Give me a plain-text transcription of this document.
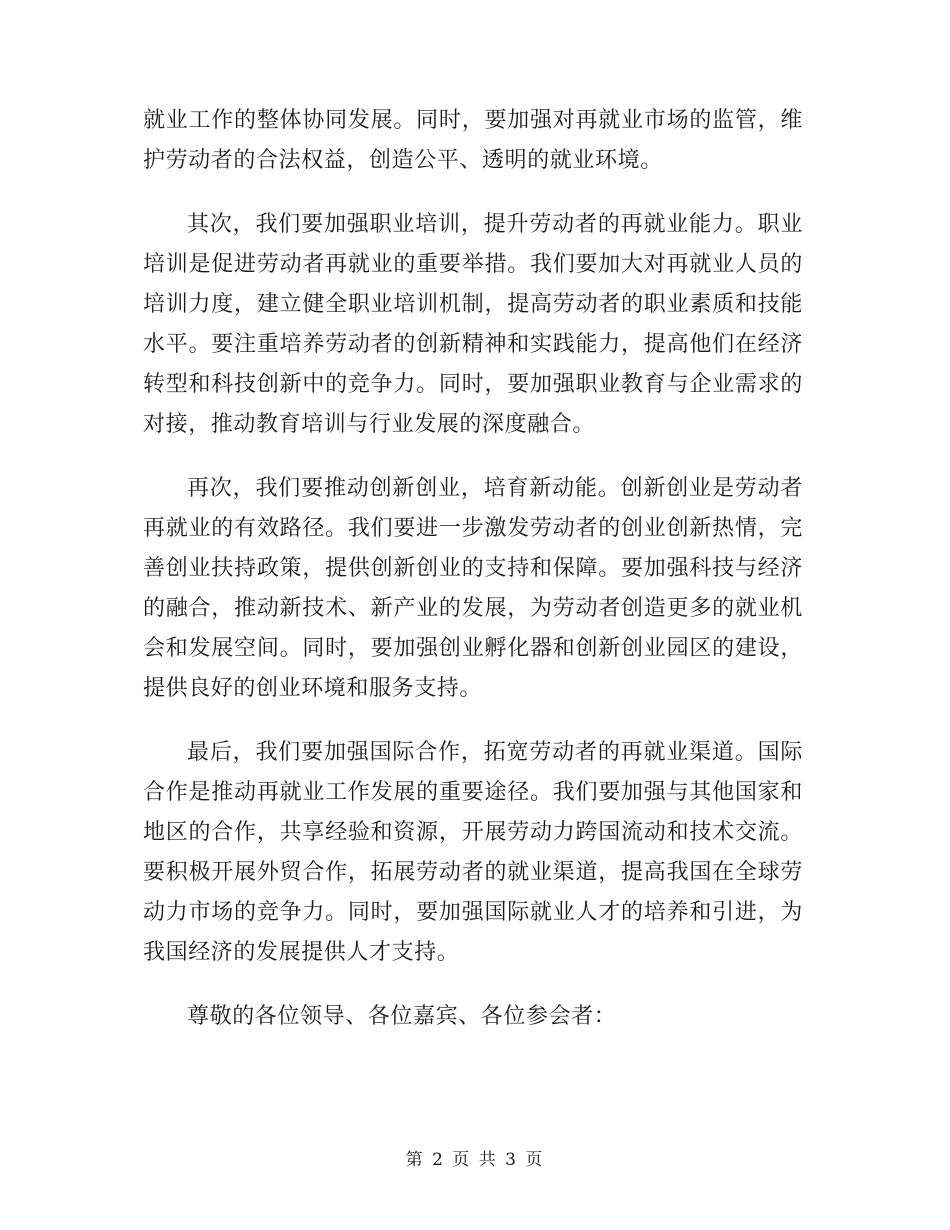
就业工作的整体协同发展。同时，要加强对再就业市场的监管，维护劳动者的合法权益，创造公平、透明的就业环境。

其次，我们要加强职业培训，提升劳动者的再就业能力。职业培训是促进劳动者再就业的重要举措。我们要加大对再就业人员的培训力度，建立健全职业培训机制，提高劳动者的职业素质和技能水平。要注重培养劳动者的创新精神和实践能力，提高他们在经济转型和科技创新中的竞争力。同时，要加强职业教育与企业需求的对接，推动教育培训与行业发展的深度融合。

再次，我们要推动创新创业，培育新动能。创新创业是劳动者再就业的有效路径。我们要进一步激发劳动者的创业创新热情，完善创业扶持政策，提供创新创业的支持和保障。要加强科技与经济的融合，推动新技术、新产业的发展，为劳动者创造更多的就业机会和发展空间。同时，要加强创业孵化器和创新创业园区的建设，提供良好的创业环境和服务支持。

最后，我们要加强国际合作，拓宽劳动者的再就业渠道。国际合作是推动再就业工作发展的重要途径。我们要加强与其他国家和地区的合作，共享经验和资源，开展劳动力跨国流动和技术交流。要积极开展外贸合作，拓展劳动者的就业渠道，提高我国在全球劳动力市场的竞争力。同时，要加强国际就业人才的培养和引进，为我国经济的发展提供人才支持。

尊敬的各位领导、各位嘉宾、各位参会者：

第 2 页 共 3 页
